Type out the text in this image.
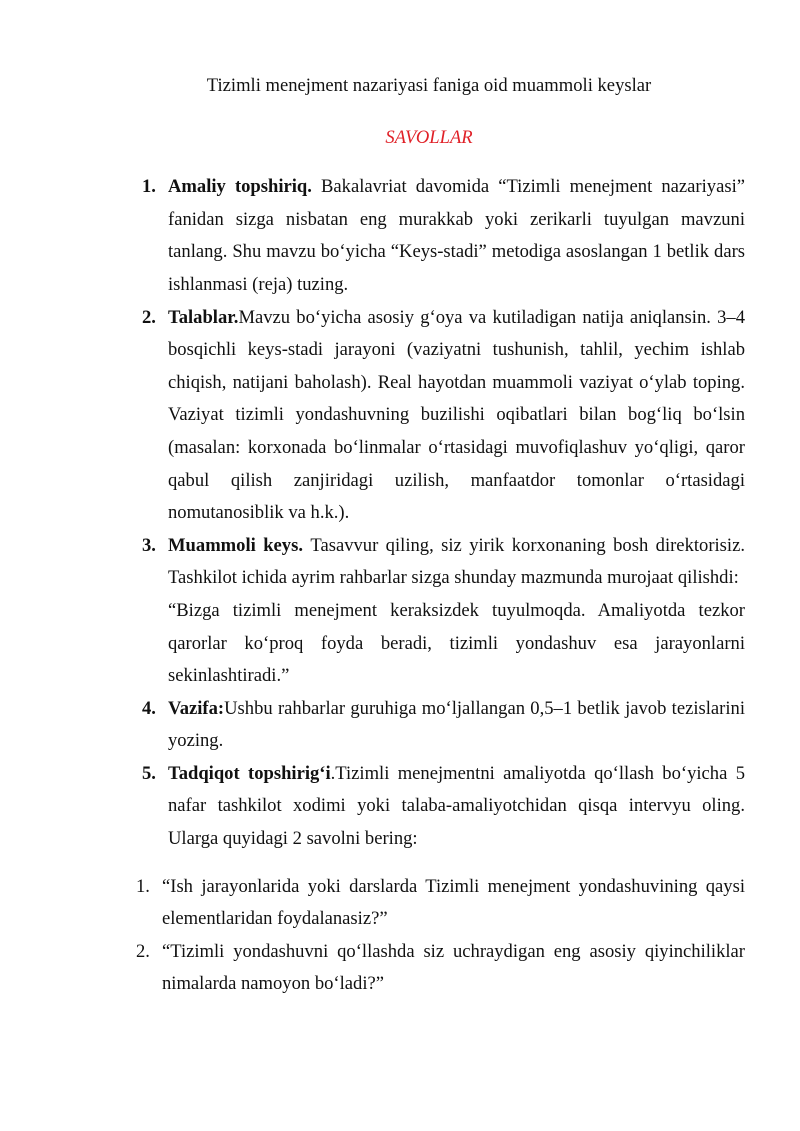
Tizimli menejment nazariyasi faniga oid muammoli keyslar
SAVOLLAR
1. Amaliy topshiriq. Bakalavriat davomida “Tizimli menejment nazariyasi” fanidan sizga nisbatan eng murakkab yoki zerikarli tuyulgan mavzuni tanlang. Shu mavzu bo‘yicha “Keys-stadi” metodiga asoslangan 1 betlik dars ishlanmasi (reja) tuzing.
2. Talablar.Mavzu bo‘yicha asosiy g‘oya va kutiladigan natija aniqlansin. 3–4 bosqichli keys-stadi jarayoni (vaziyatni tushunish, tahlil, yechim ishlab chiqish, natijani baholash). Real hayotdan muammoli vaziyat o‘ylab toping. Vaziyat tizimli yondashuvning buzilishi oqibatlari bilan bog‘liq bo‘lsin (masalan: korxonada bo‘linmalar o‘rtasidagi muvofiqlashuv yo‘qligi, qaror qabul qilish zanjiridagi uzilish, manfaatdor tomonlar o‘rtasidagi nomutanosiblik va h.k.).
3. Muammoli keys. Tasavvur qiling, siz yirik korxonaning bosh direktorisiz. Tashkilot ichida ayrim rahbarlar sizga shunday mazmunda murojaat qilishdi:

“Bizga tizimli menejment keraksizdek tuyulmoqda. Amaliyotda tezkor qarorlar ko‘proq foyda beradi, tizimli yondashuv esa jarayonlarni sekinlashtiradi.”

4. Vazifa:Ushbu rahbarlar guruhiga mo‘ljallangan 0,5–1 betlik javob tezislarini yozing.
5. Tadqiqot topshirig‘i.Tizimli menejmentni amaliyotda qo‘llash bo‘yicha 5 nafar tashkilot xodimi yoki talaba-amaliyotchidan qisqa intervyu oling. Ularga quyidagi 2 savolni bering:
1. “Ish jarayonlarida yoki darslarda Tizimli menejment yondashuvining qaysi elementlaridan foydalanasiz?”
2. “Tizimli yondashuvni qo‘llashda siz uchraydigan eng asosiy qiyinchiliklar nimalarda namoyon bo‘ladi?”
